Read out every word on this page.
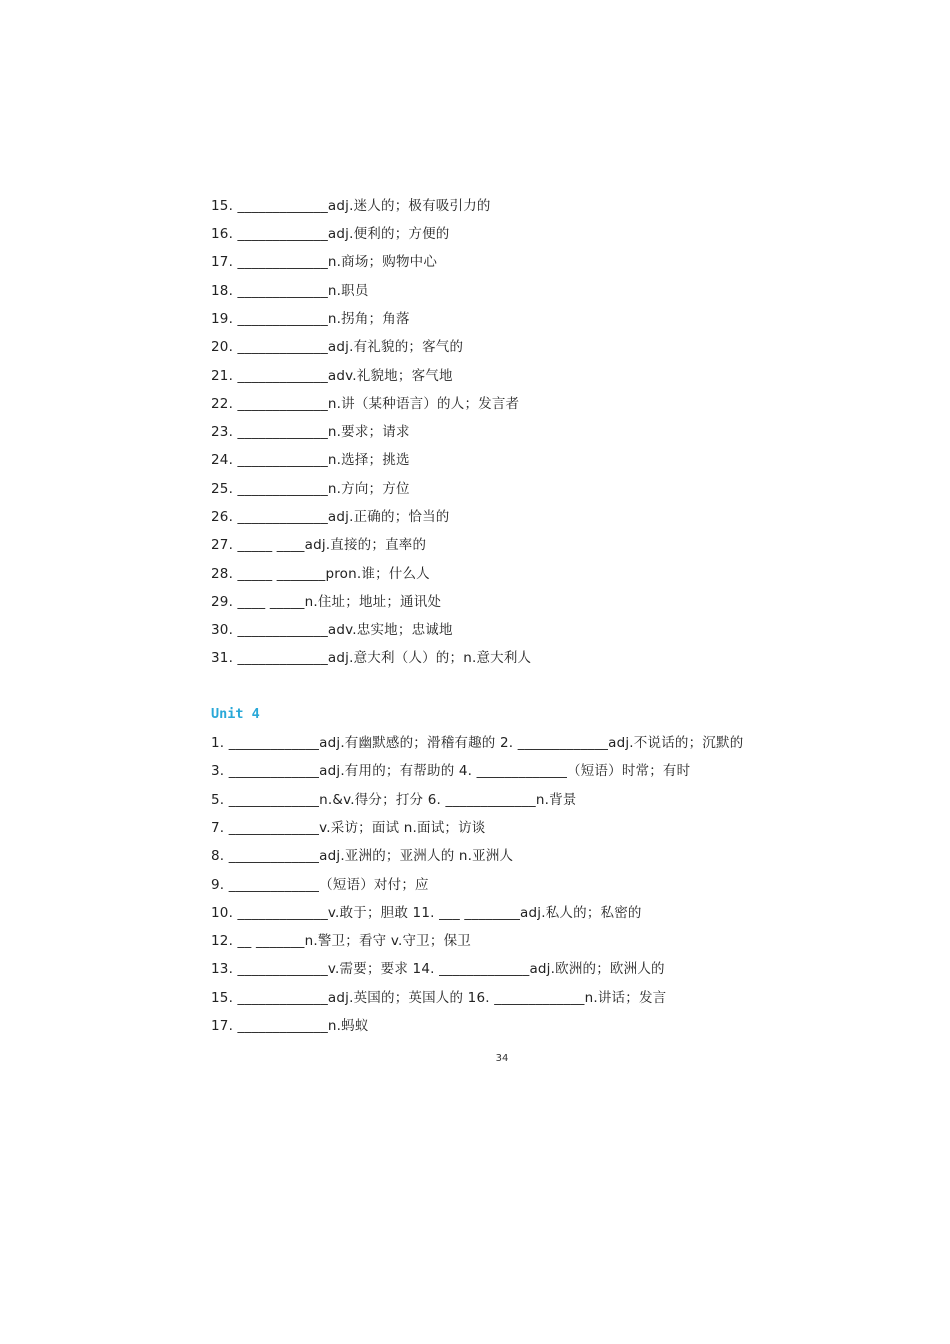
15. _____________adj.迷人的；极有吸引力的
16. _____________adj.便利的；方便的
17. _____________n.商场；购物中心
18. _____________n.职员
19. _____________n.拐角；角落
20. _____________adj.有礼貌的；客气的
21. _____________adv.礼貌地；客气地
22. _____________n.讲（某种语言）的人；发言者
23. _____________n.要求；请求
24. _____________n.选择；挑选
25. _____________n.方向；方位
26. _____________adj.正确的；恰当的
27. _____ ____adj.直接的；直率的
28. _____ _______pron.谁；什么人
29. ____ _____n.住址；地址；通讯处
30. _____________adv.忠实地；忠诚地
31. _____________adj.意大利（人）的；n.意大利人
Unit 4
1. _____________adj.有幽默感的；滑稽有趣的 2. _____________adj.不说话的；沉默的
3. _____________adj.有用的；有帮助的 4. _____________（短语）时常；有时
5. _____________n.&v.得分；打分 6. _____________n.背景
7. _____________v.采访；面试 n.面试；访谈
8. _____________adj.亚洲的；亚洲人的 n.亚洲人
9. _____________（短语）对付；应
10. _____________v.敢于；胆敢 11. ___ ________adj.私人的；私密的
12. __ _______n.警卫；看守 v.守卫；保卫
13. _____________v.需要；要求 14. _____________adj.欧洲的；欧洲人的
15. _____________adj.英国的；英国人的 16. _____________n.讲话；发言
17. _____________n.蚂蚁
34
